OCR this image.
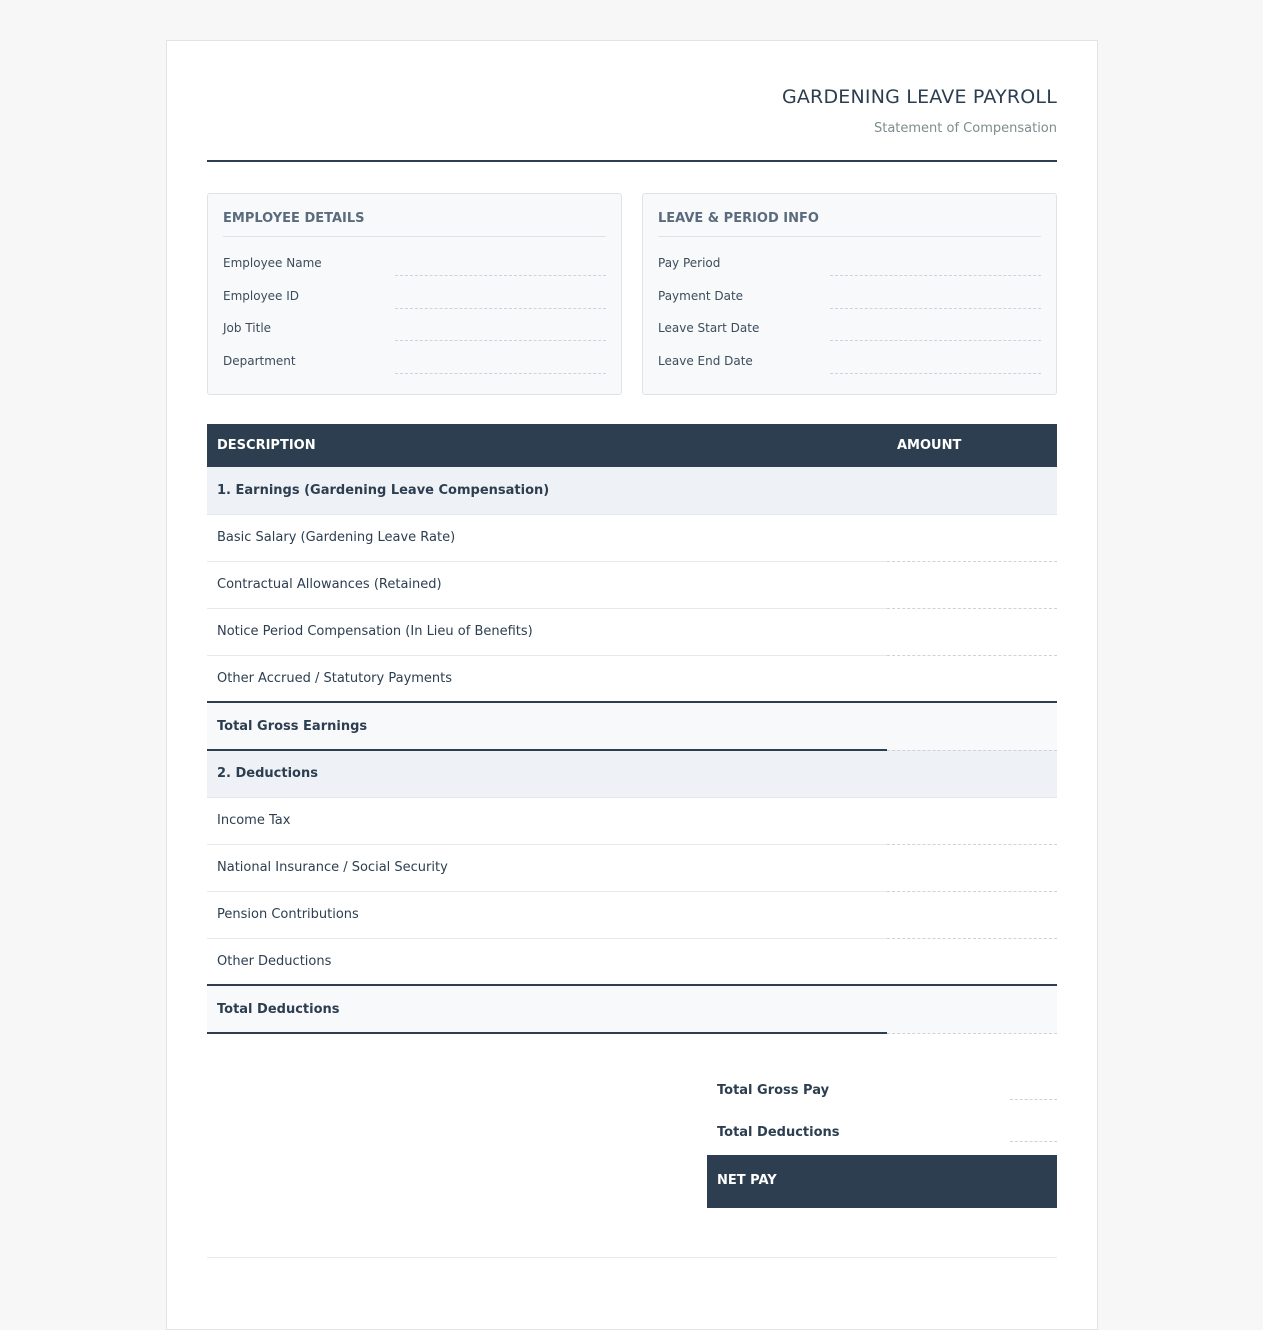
GARDENING LEAVE PAYROLL
Statement of Compensation
EMPLOYEE DETAILS
Employee Name
Employee ID
Job Title
Department
LEAVE & PERIOD INFO
Pay Period
Payment Date
Leave Start Date
Leave End Date
DESCRIPTION	AMOUNT
1. Earnings (Gardening Leave Compensation)	
Basic Salary (Gardening Leave Rate)	
Contractual Allowances (Retained)	
Notice Period Compensation (In Lieu of Benefits)	
Other Accrued / Statutory Payments	
Total Gross Earnings	
2. Deductions	
Income Tax	
National Insurance / Social Security	
Pension Contributions	
Other Deductions	
Total Deductions	
Total Gross Pay
Total Deductions
NET PAY
